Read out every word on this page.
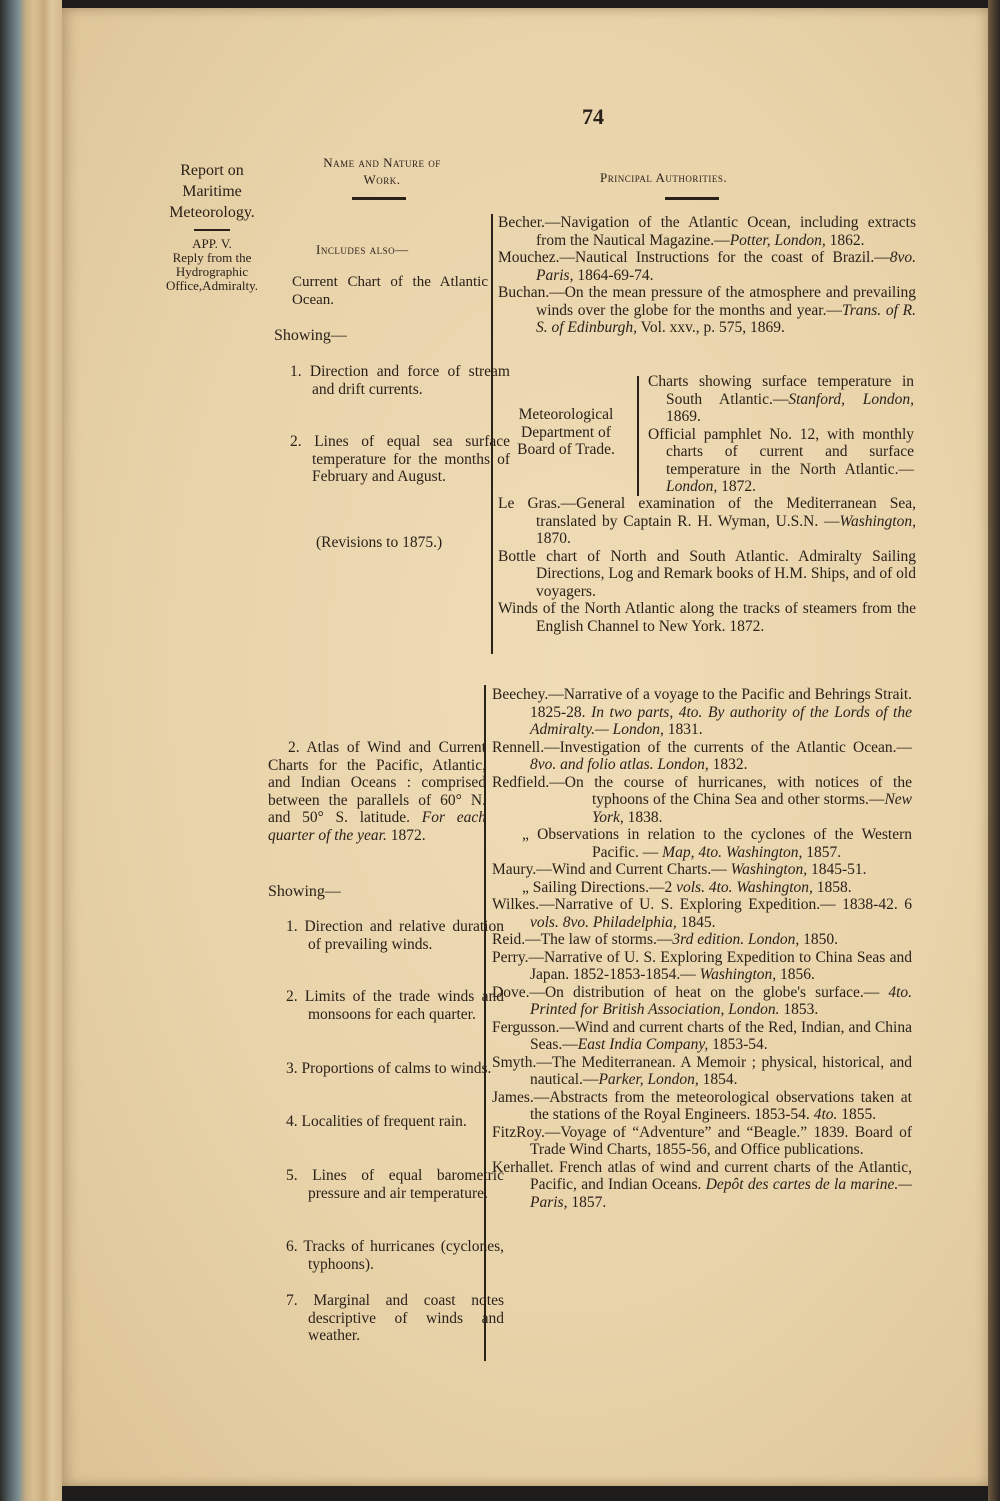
74
Report on
Maritime
Meteorology.
APP. V.
Reply from the
Hydrographic
Office,Admiralty.
Name and Nature of
Work.	Principal Authorities.
Includes also—
Current Chart of the Atlantic Ocean.
Showing—
1. Direction and force of stream and drift currents.
2. Lines of equal sea surface temperature for the months of February and August.
(Revisions to 1875.)

Becher.—Navigation of the Atlantic Ocean, including extracts from the Nautical Magazine.—Potter, London, 1862.

Mouchez.—Nautical Instructions for the coast of Brazil.—8vo. Paris, 1864-69-74.

Buchan.—On the mean pressure of the atmosphere and prevailing winds over the globe for the months and year.—Trans. of R. S. of Edinburgh, Vol. xxv., p. 575, 1869.

Meteorological
Department of
Board of Trade.

Charts showing surface temperature in South Atlantic.—Stanford, London, 1869.

Official pamphlet No. 12, with monthly charts of current and surface temperature in the North Atlantic.—London, 1872.

Le Gras.—General examination of the Mediterranean Sea, translated by Captain R. H. Wyman, U.S.N. —Washington, 1870.

Bottle chart of North and South Atlantic. Admiralty Sailing Directions, Log and Remark books of H.M. Ships, and of old voyagers.

Winds of the North Atlantic along the tracks of steamers from the English Channel to New York. 1872.

2. Atlas of Wind and Current Charts for the Pacific, Atlantic, and Indian Oceans : comprised between the parallels of 60° N. and 50° S. latitude. For each quarter of the year. 1872.
Showing—
1. Direction and relative duration of prevailing winds.
2. Limits of the trade winds and monsoons for each quarter.
3. Proportions of calms to winds.
4. Localities of frequent rain.
5. Lines of equal barometric pressure and air temperature.
6. Tracks of hurricanes (cyclones, typhoons).
7. Marginal and coast notes descriptive of winds and weather.

Beechey.—Narrative of a voyage to the Pacific and Behrings Strait. 1825-28. In two parts, 4to. By authority of the Lords of the Admiralty.— London, 1831.

Rennell.—Investigation of the currents of the Atlantic Ocean.—8vo. and folio atlas. London, 1832.

Redfield.—On the course of hurricanes, with notices of the typhoons of the China Sea and other storms.—New York, 1838.

„ Observations in relation to the cyclones of the Western Pacific. — Map, 4to. Washington, 1857.

Maury.—Wind and Current Charts.— Washington, 1845-51.

„ Sailing Directions.—2 vols. 4to. Washington, 1858.

Wilkes.—Narrative of U. S. Exploring Expedition.— 1838-42. 6 vols. 8vo. Philadelphia, 1845.

Reid.—The law of storms.—3rd edition. London, 1850.

Perry.—Narrative of U. S. Exploring Expedition to China Seas and Japan. 1852-1853-1854.— Washington, 1856.

Dove.—On distribution of heat on the globe's surface.— 4to. Printed for British Association, London. 1853.

Fergusson.—Wind and current charts of the Red, Indian, and China Seas.—East India Company, 1853-54.

Smyth.—The Mediterranean. A Memoir ; physical, historical, and nautical.—Parker, London, 1854.

James.—Abstracts from the meteorological observations taken at the stations of the Royal Engineers. 1853-54. 4to. 1855.

FitzRoy.—Voyage of “Adventure” and “Beagle.” 1839. Board of Trade Wind Charts, 1855-56, and Office publications.

Kerhallet. French atlas of wind and current charts of the Atlantic, Pacific, and Indian Oceans. Depôt des cartes de la marine.—Paris, 1857.
